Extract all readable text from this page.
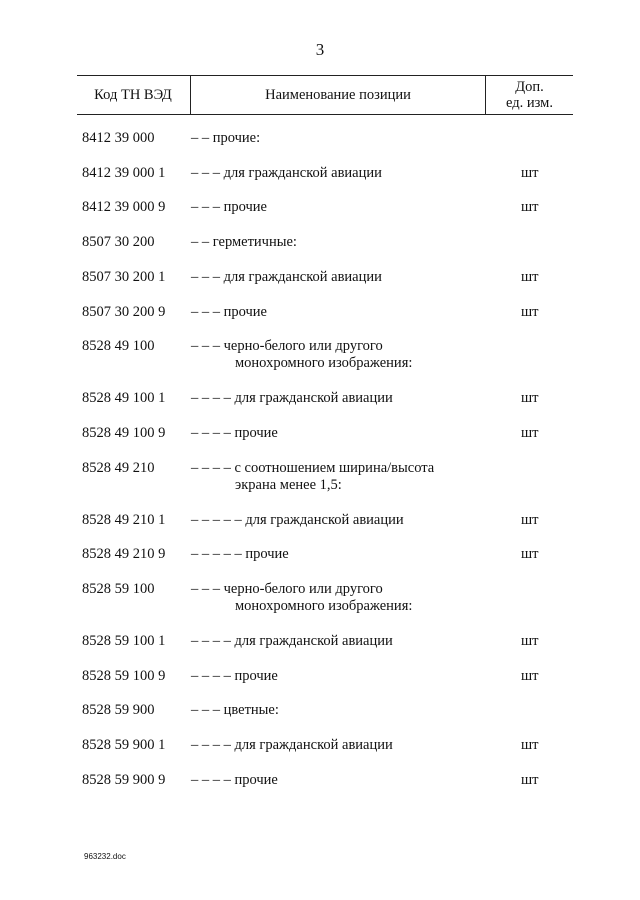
3
Код ТН ВЭД	Наименование позиции	Доп.
ед. изм.
8412 39 000	– – прочие:
8412 39 000 1 – – – для гражданской авиации	шт
8412 39 000 9 – – – прочие	шт
8507 30 200	– – герметичные:
8507 30 200 1 – – – для гражданской авиации	шт
8507 30 200 9 – – – прочие	шт
8528 49 100	– – – черно-белого или другого
монохромного изображения:
8528 49 100 1 – – – – для гражданской авиации	шт
8528 49 100 9 – – – – прочие	шт
8528 49 210	– – – – с соотношением ширина/высота
экрана менее 1,5:
8528 49 210 1 – – – – – для гражданской авиации	шт
8528 49 210 9 – – – – – прочие	шт
8528 59 100	– – – черно-белого или другого
монохромного изображения:
8528 59 100 1 – – – – для гражданской авиации	шт
8528 59 100 9 – – – – прочие	шт
8528 59 900	– – – цветные:
8528 59 900 1 – – – – для гражданской авиации	шт
8528 59 900 9 – – – – прочие	шт
963232.doc
